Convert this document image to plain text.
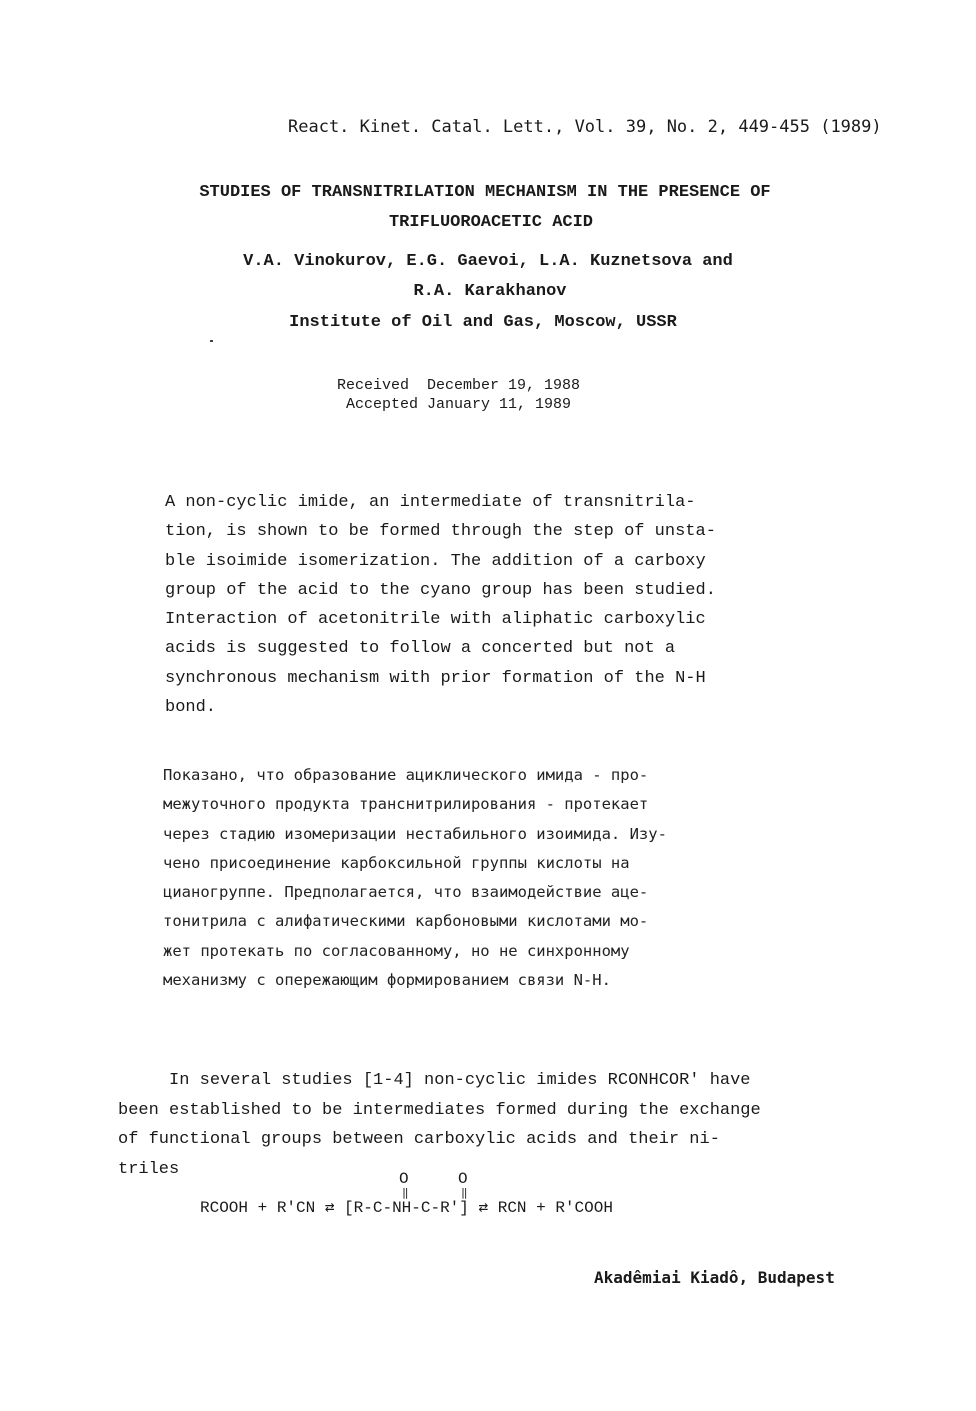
React. Kinet. Catal. Lett., Vol. 39, No. 2, 449-455 (1989)
STUDIES OF TRANSNITRILATION MECHANISM IN THE PRESENCE OF
TRIFLUOROACETIC ACID
V.A. Vinokurov, E.G. Gaevoi, L.A. Kuznetsova and
R.A. Karakhanov
Institute of Oil and Gas, Moscow, USSR
Received  December 19, 1988
Accepted January 11, 1989
A non-cyclic imide, an intermediate of transnitrila-
tion, is shown to be formed through the step of unsta-
ble isoimide isomerization. The addition of a carboxy
group of the acid to the cyano group has been studied.
Interaction of acetonitrile with aliphatic carboxylic
acids is suggested to follow a concerted but not a
synchronous mechanism with prior formation of the N-H
bond.
Показано, что образование ациклического имида - про-
межуточного продукта транснитрилирования - протекает
через стадию изомеризации нестабильного изоимида. Изу-
чено присоединение карбоксильной группы кислоты на
цианогруппе. Предполагается, что взаимодействие аце-
тонитрила с алифатическими карбоновыми кислотами мо-
жет протекать по согласованному, но не синхронному
механизму с опережающим формированием связи N-H.
In several studies [1-4] non-cyclic imides RCONHCOR' have
been established to be intermediates formed during the exchange
of functional groups between carboxylic acids and their ni-
triles
O	O
‖	‖
RCOOH + R'CN ⇄ [R-C-NH-C-R'] ⇄ RCN + R'COOH
Akadêmiai Kiadô, Budapest
